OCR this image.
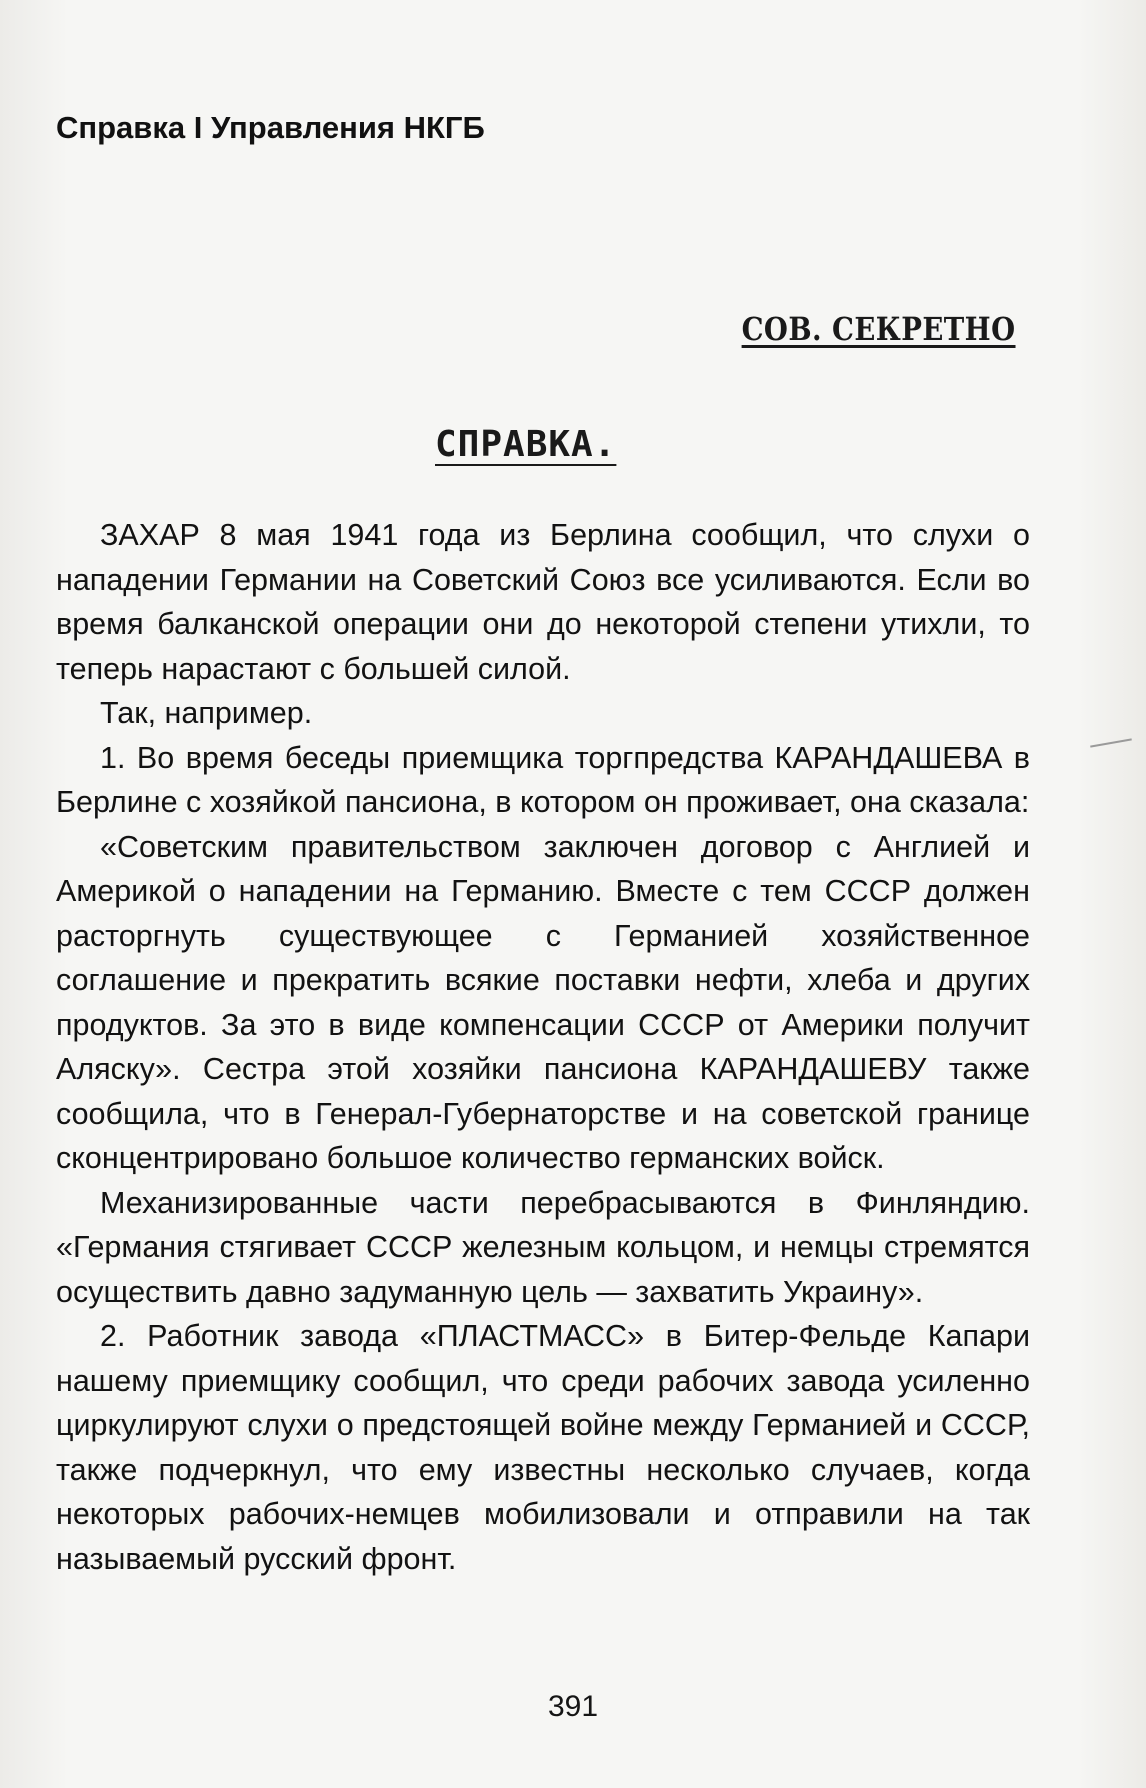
Справка I Управления НКГБ
СОВ. СЕКРЕТНО
СПРАВКА.

ЗАХАР 8 мая 1941 года из Берлина сообщил, что слухи о нападении Германии на Советский Союз все усиливаются. Если во время балканской операции они до некоторой степени утихли, то теперь нарастают с большей силой.

Так, например.

1. Во время беседы приемщика торгпредства КАРАНДАШЕВА в Берлине с хозяйкой пансиона, в котором он проживает, она сказала:

«Советским правительством заключен договор с Англией и Америкой о нападении на Германию. Вместе с тем СССР должен расторгнуть существующее с Германией хозяйственное соглашение и прекратить всякие поставки нефти, хлеба и других продуктов. За это в виде компенсации СССР от Америки получит Аляску». Сестра этой хозяйки пансиона КАРАНДАШЕВУ также сообщила, что в Генерал-Губернаторстве и на советской границе сконцентрировано большое количество германских войск.

Механизированные части перебрасываются в Финляндию. «Германия стягивает СССР железным кольцом, и немцы стремятся осуществить давно задуманную цель — захватить Украину».

2. Работник завода «ПЛАСТМАСС» в Битер-Фельде Капари нашему приемщику сообщил, что среди рабочих завода усиленно циркулируют слухи о предстоящей войне между Германией и СССР, также подчеркнул, что ему известны несколько случаев, когда некоторых рабочих-немцев мобилизовали и отправили на так называемый русский фронт.

391
